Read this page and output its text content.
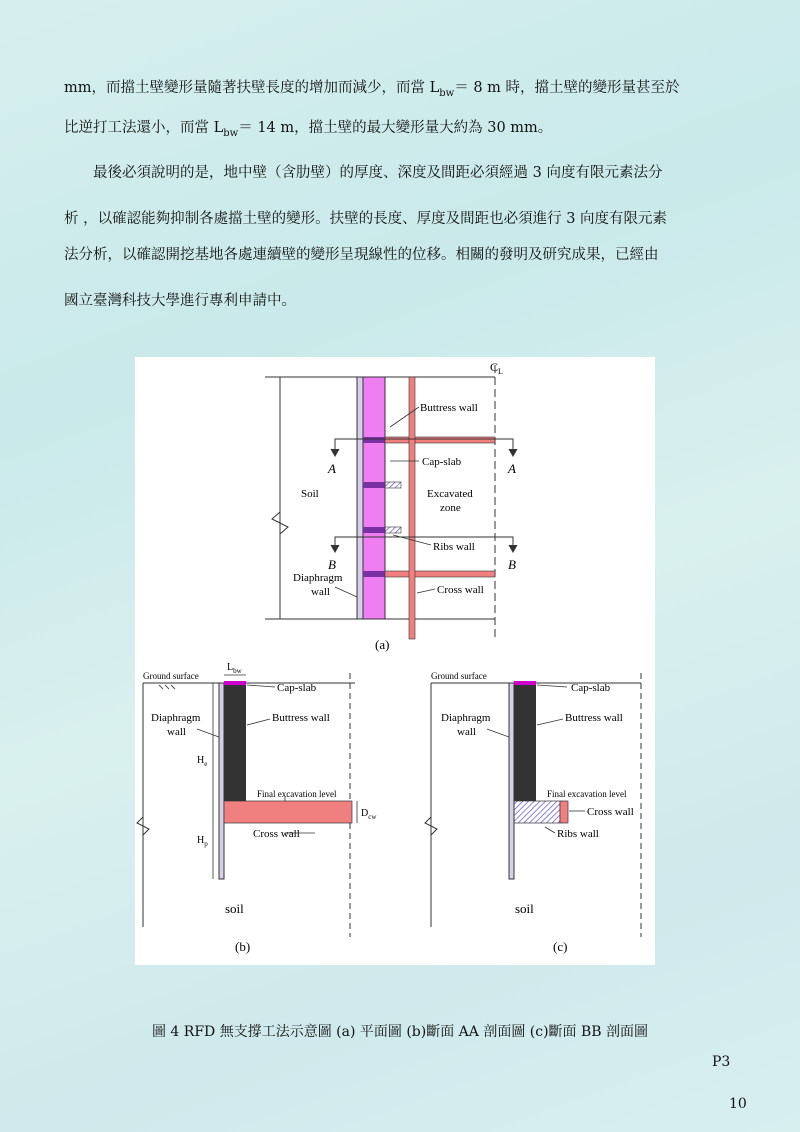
mm，而擋土壁變形量隨著扶壁長度的增加而減少，而當 $L_{bw}= 8$ m 時，擋土壁的變形量甚至於
比逆打工法還小，而當 $L_{bw}= 14$ m，擋土壁的最大變形量大約為 30 mm。
最後必須說明的是，地中壁（含肋壁）的厚度、深度及間距必須經過 3 向度有限元素法分
析 ，以確認能夠抑制各處擋土壁的變形。扶壁的長度、厚度及間距也必須進行 3 向度有限元素
法分析，以確認開挖基地各處連續壁的變形呈現線性的位移。相關的發明及研究成果，已經由
國立臺灣科技大學進行專利申請中。
Buttress wall
Cap-slab
Excavated
zone
Soil
Ribs wall
Diaphragm
wall	Cross wall
A	A
B	B
$C_L$
(a)
Ground surface
$L_{bw}$
Cap-slab
Diaphragm
wall
Buttress wall
$H_e$
$H_p$
Final excavation level
$D_{cw}$
Cross wall
soil
(b)
Ground surface
Cap-slab
Diaphragm
wall
Buttress wall
Final excavation level
Cross wall
Ribs wall
soil
(c)
圖 4 RFD 無支撐工法示意圖 (a) 平面圖 (b)斷面 AA 剖面圖 (c)斷面 BB 剖面圖
P3
10
